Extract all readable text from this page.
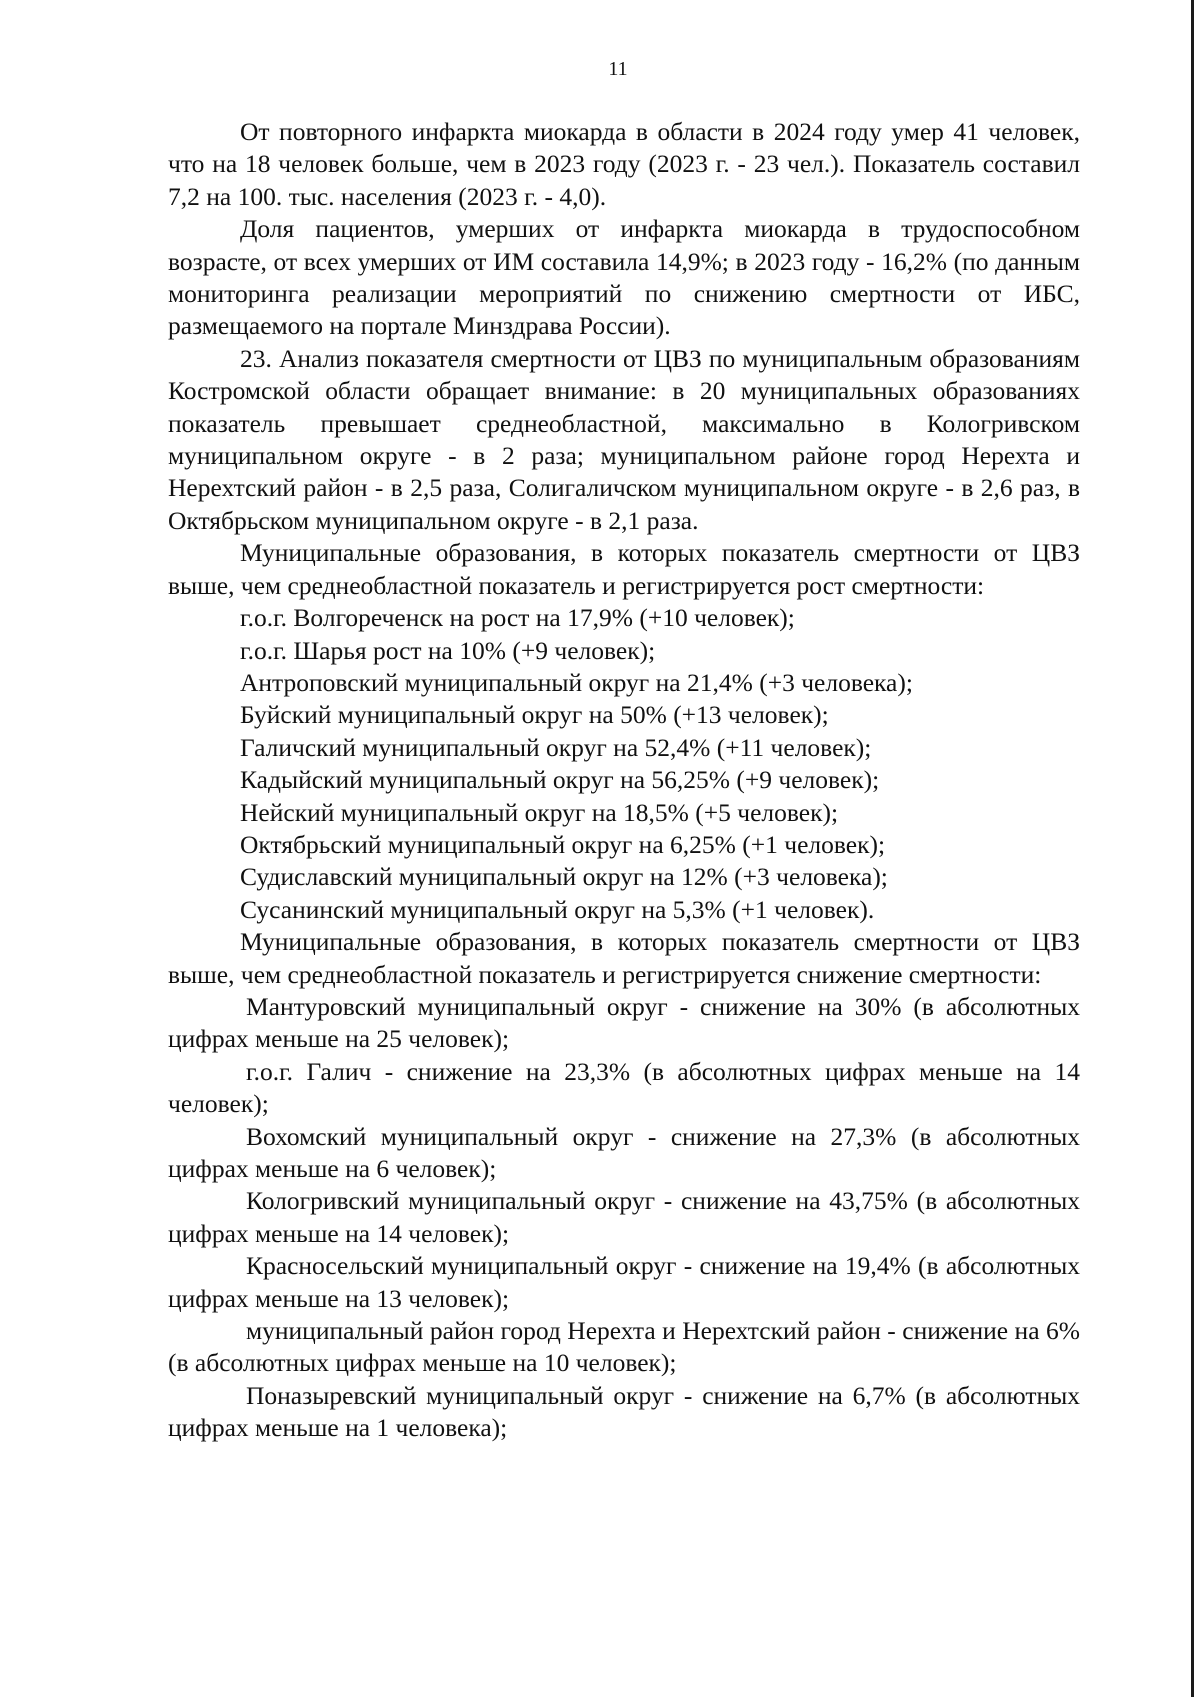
11

От повторного инфаркта миокарда в области в 2024 году умер 41 человек, что на 18 человек больше, чем в 2023 году (2023 г. - 23 чел.). Показатель составил 7,2 на 100. тыс. населения (2023 г. - 4,0).

Доля пациентов, умерших от инфаркта миокарда в трудоспособном возрасте, от всех умерших от ИМ составила 14,9%; в 2023 году - 16,2% (по данным мониторинга реализации мероприятий по снижению смертности от ИБС, размещаемого на портале Минздрава России).

23. Анализ показателя смертности от ЦВЗ по муниципальным образованиям Костромской области обращает внимание: в 20 муниципальных образованиях показатель превышает среднеобластной, максимально в Кологривском муниципальном округе - в 2 раза; муниципальном районе город Нерехта и Нерехтский район - в 2,5 раза, Солигаличском муниципальном округе - в 2,6 раз, в Октябрьском муниципальном округе - в 2,1 раза.

Муниципальные образования, в которых показатель смертности от ЦВЗ выше, чем среднеобластной показатель и регистрируется рост смертности:

г.о.г. Волгореченск на рост на 17,9% (+10 человек);

г.о.г. Шарья рост на 10% (+9 человек);

Антроповский муниципальный округ на 21,4% (+3 человека);

Буйский муниципальный округ на 50% (+13 человек);

Галичский муниципальный округ на 52,4% (+11 человек);

Кадыйский муниципальный округ на 56,25% (+9 человек);

Нейский муниципальный округ на 18,5% (+5 человек);

Октябрьский муниципальный округ на 6,25% (+1 человек);

Судиславский муниципальный округ на 12% (+3 человека);

Сусанинский муниципальный округ на 5,3% (+1 человек).

Муниципальные образования, в которых показатель смертности от ЦВЗ выше, чем среднеобластной показатель и регистрируется снижение смертности:

Мантуровский муниципальный округ - снижение на 30% (в абсолютных цифрах меньше на 25 человек);

г.о.г. Галич - снижение на 23,3% (в абсолютных цифрах меньше на 14 человек);

Вохомский муниципальный округ - снижение на 27,3% (в абсолютных цифрах меньше на 6 человек);

Кологривский муниципальный округ - снижение на 43,75% (в абсолютных цифрах меньше на 14 человек);

Красносельский муниципальный округ - снижение на 19,4% (в абсолютных цифрах меньше на 13 человек);

муниципальный район город Нерехта и Нерехтский район - снижение на 6% (в абсолютных цифрах меньше на 10 человек);

Поназыревский муниципальный округ - снижение на 6,7% (в абсолютных цифрах меньше на 1 человека);
